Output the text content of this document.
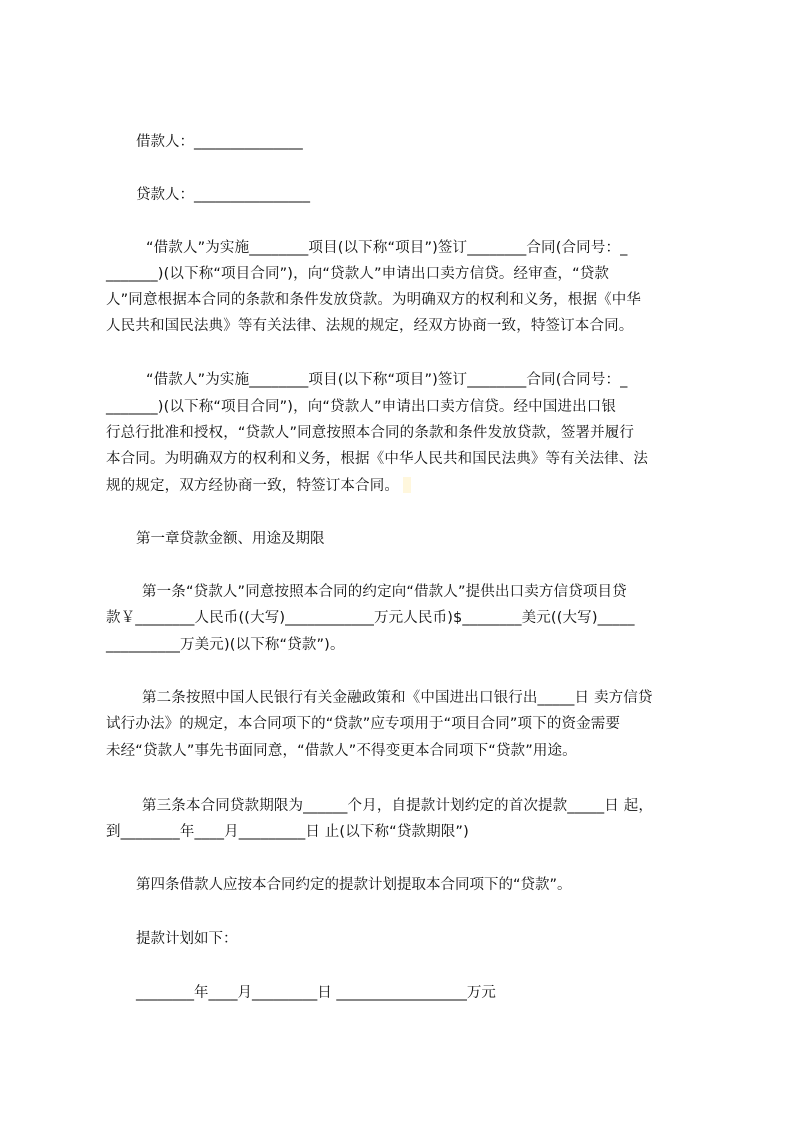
借款人：_______________

贷款人：________________

“借款人”为实施________项目(以下称“项目”)签订________合同(合同号：_

_______)(以下称“项目合同”)，向“贷款人”申请出口卖方信贷。经审查，“贷款

人”同意根据本合同的条款和条件发放贷款。为明确双方的权利和义务，根据《中华

人民共和国民法典》等有关法律、法规的规定，经双方协商一致，特签订本合同。

“借款人”为实施________项目(以下称“项目”)签订________合同(合同号：_

_______)(以下称“项目合同”)，向“贷款人”申请出口卖方信贷。经中国进出口银

行总行批准和授权，“贷款人”同意按照本合同的条款和条件发放贷款，签署并履行

本合同。为明确双方的权利和义务，根据《中华人民共和国民法典》等有关法律、法

规的规定，双方经协商一致，特签订本合同。

第一章贷款金额、用途及期限

第一条“贷款人”同意按照本合同的约定向“借款人”提供出口卖方信贷项目贷

款￥________人民币((大写)____________万元人民币)$________美元((大写)_____

__________万美元)(以下称“贷款”)。

第二条按照中国人民银行有关金融政策和《中国进出口银行出_____日 卖方信贷

试行办法》的规定，本合同项下的“贷款”应专项用于“项目合同”项下的资金需要

未经“贷款人”事先书面同意，“借款人”不得变更本合同项下“贷款”用途。

第三条本合同贷款期限为______个月，自提款计划约定的首次提款_____日 起，

到________年____月_________日 止(以下称“贷款期限”)

第四条借款人应按本合同约定的提款计划提取本合同项下的“贷款”。

提款计划如下：

________年____月_________日 __________________万元
